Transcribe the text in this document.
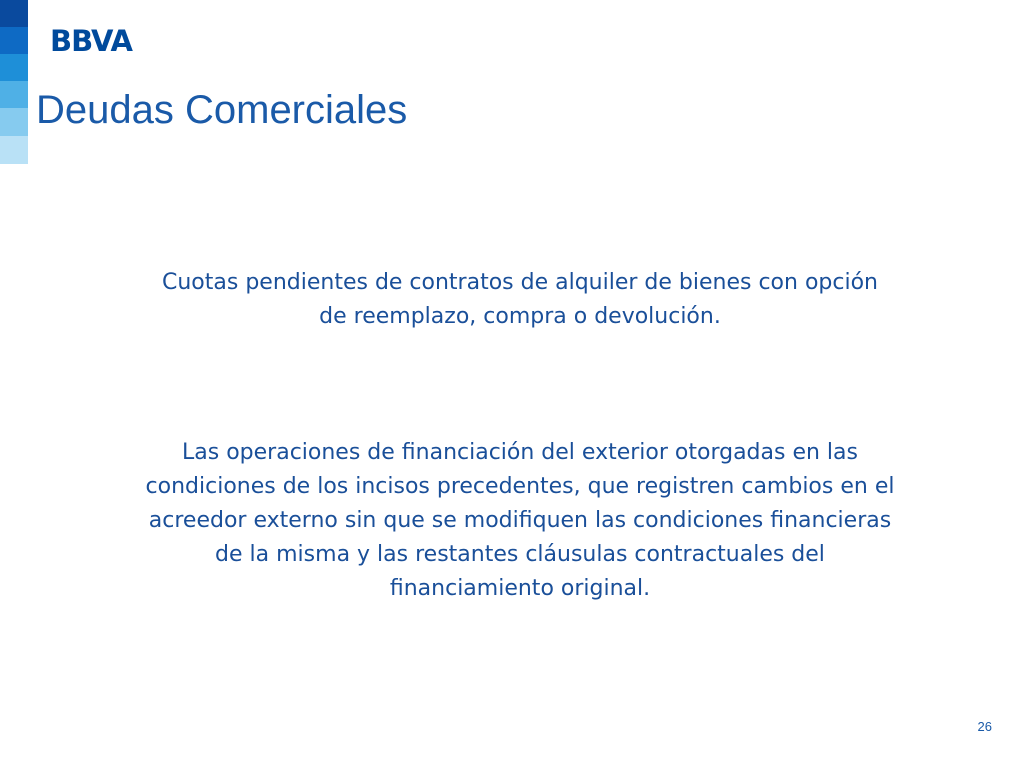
BBVA
Deudas Comerciales
Cuotas pendientes de contratos de alquiler de bienes con opción de reemplazo, compra o devolución.
Las operaciones de financiación del exterior otorgadas en las condiciones de los incisos precedentes, que registren cambios en el acreedor externo sin que se modifiquen las condiciones financieras de la misma y las restantes cláusulas contractuales del financiamiento original.
26
